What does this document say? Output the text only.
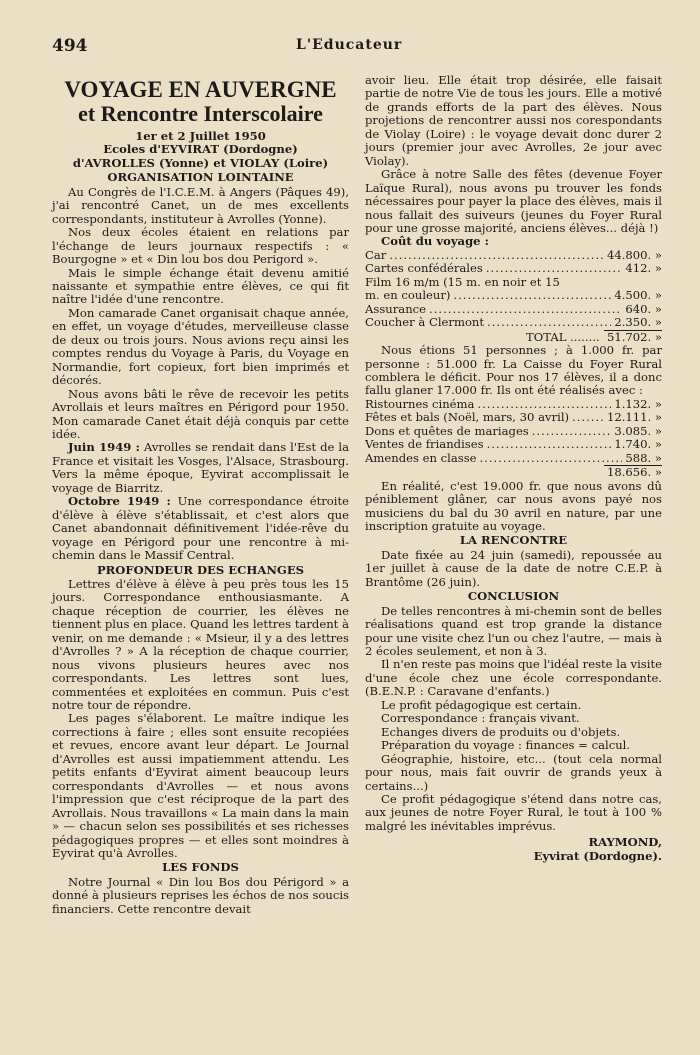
494	L'Educateur
VOYAGE EN AUVERGNE
et Rencontre Interscolaire
1er et 2 Juillet 1950
Ecoles d'EYVIRAT (Dordogne)
d'AVROLLES (Yonne) et VIOLAY (Loire)
ORGANISATION LOINTAINE

Au Congrès de l'I.C.E.M. à Angers (Pâques 49), j'ai rencontré Canet, un de mes excellents correspondants, instituteur à Avrolles (Yonne).

Nos deux écoles étaient en relations par l'échange de leurs journaux respectifs : « Bourgogne » et « Din lou bos dou Perigord ».

Mais le simple échange était devenu amitié naissante et sympathie entre élèves, ce qui fit naître l'idée d'une rencontre.

Mon camarade Canet organisait chaque année, en effet, un voyage d'études, merveilleuse classe de deux ou trois jours. Nous avions reçu ainsi les comptes rendus du Voyage à Paris, du Voyage en Normandie, fort copieux, fort bien imprimés et décorés.

Nous avons bâti le rêve de recevoir les petits Avrollais et leurs maîtres en Périgord pour 1950. Mon camarade Canet était déjà conquis par cette idée.

Juin 1949 : Avrolles se rendait dans l'Est de la France et visitait les Vosges, l'Alsace, Strasbourg. Vers la même époque, Eyvirat accomplissait le voyage de Biarritz.

Octobre 1949 : Une correspondance étroite d'élève à élève s'établissait, et c'est alors que Canet abandonnait définitivement l'idée-rêve du voyage en Périgord pour une rencontre à mi-chemin dans le Massif Central.

PROFONDEUR DES ECHANGES

Lettres d'élève à élève à peu près tous les 15 jours. Correspondance enthousiasmante. A chaque réception de courrier, les élèves ne tiennent plus en place. Quand les lettres tardent à venir, on me demande : « Msieur, il y a des lettres d'Avrolles ? » A la réception de chaque courrier, nous vivons plusieurs heures avec nos correspondants. Les lettres sont lues, commentées et exploitées en commun. Puis c'est notre tour de répondre.

Les pages s'élaborent. Le maître indique les corrections à faire ; elles sont ensuite recopiées et revues, encore avant leur départ. Le Journal d'Avrolles est aussi impatiemment attendu. Les petits enfants d'Eyvirat aiment beaucoup leurs correspondants d'Avrolles — et nous avons l'impression que c'est réciproque de la part des Avrollais. Nous travaillons « La main dans la main » — chacun selon ses possibilités et ses richesses pédagogiques propres — et elles sont moindres à Eyvirat qu'à Avrolles.

LES FONDS

Notre Journal « Din lou Bos dou Périgord » a donné à plusieurs reprises les échos de nos soucis financiers. Cette rencontre devait

avoir lieu. Elle était trop désirée, elle faisait partie de notre Vie de tous les jours. Elle a motivé de grands efforts de la part des élèves. Nous projetions de rencontrer aussi nos corespondants de Violay (Loire) : le voyage devait donc durer 2 jours (premier jour avec Avrolles, 2e jour avec Violay).

Grâce à notre Salle des fêtes (devenue Foyer Laïque Rural), nous avons pu trouver les fonds nécessaires pour payer la place des élèves, mais il nous fallait des suiveurs (jeunes du Foyer Rural pour une grosse majorité, anciens élèves... déjà !)

Coût du voyage :
Car .....	44.800. »
Cartes confédérales .....	412. »
Film 16 m/m (15 m. en noir et 15
m. en couleur) .....	4.500. »
Assurance .....	640. »
Coucher à Clermont .....	2.350. »
TOTAL ........
51.702. »

Nous étions 51 personnes ; à 1.000 fr. par personne : 51.000 fr. La Caisse du Foyer Rural comblera le déficit. Pour nos 17 élèves, il a donc fallu glaner 17.000 fr. Ils ont été réalisés avec :

Ristournes cinéma .....	1.132. »
Fêtes et bals (Noël, mars, 30 avril) .....	12.111. »
Dons et quêtes de mariages .....	3.085. »
Ventes de friandises .....	1.740. »
Amendes en classe .....	588. »
18.656. »

En réalité, c'est 19.000 fr. que nous avons dû péniblement glâner, car nous avons payé nos musiciens du bal du 30 avril en nature, par une inscription gratuite au voyage.

LA RENCONTRE

Date fixée au 24 juin (samedi), repoussée au 1er juillet à cause de la date de notre C.E.P. à Brantôme (26 juin).

CONCLUSION

De telles rencontres à mi-chemin sont de belles réalisations quand est trop grande la distance pour une visite chez l'un ou chez l'autre, — mais à 2 écoles seulement, et non à 3.

Il n'en reste pas moins que l'idéal reste la visite d'une école chez une école correspondante. (B.E.N.P. : Caravane d'enfants.)

Le profit pédagogique est certain.

Correspondance : français vivant.

Echanges divers de produits ou d'objets.

Préparation du voyage : finances = calcul.

Géographie, histoire, etc... (tout cela normal pour nous, mais fait ouvrir de grands yeux à certains...)

Ce profit pédagogique s'étend dans notre cas, aux jeunes de notre Foyer Rural, le tout à 100 % malgré les inévitables imprévus.

RAYMOND,
Eyvirat (Dordogne).
